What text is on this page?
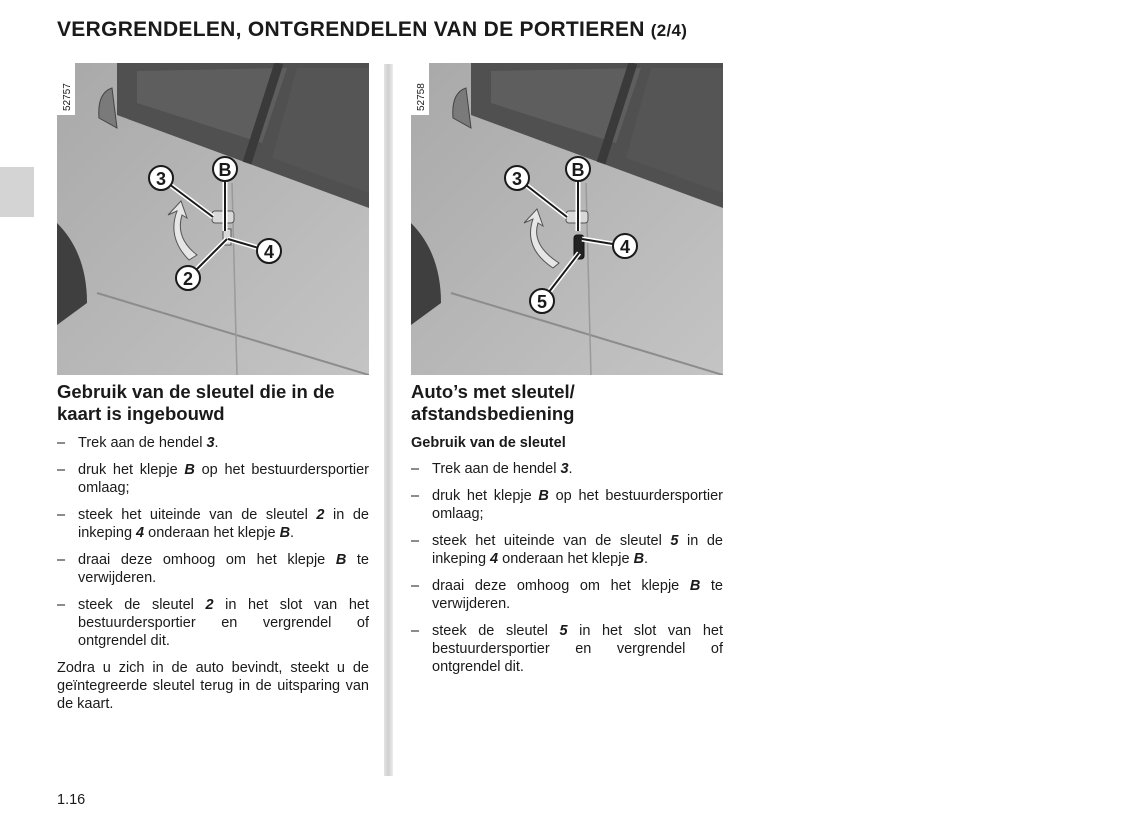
VERGRENDELEN, ONTGRENDELEN VAN DE PORTIEREN (2/4)
3	B
4
2
52757
3	B
4
5
52758
Gebruik van de sleutel die in de kaart is ingebouwd
– Trek aan de hendel 3.
– druk het klepje B op het bestuurdersportier omlaag;
– steek het uiteinde van de sleutel 2 in de inkeping 4 onderaan het klepje B.
– draai deze omhoog om het klepje B te verwijderen.
– steek de sleutel 2 in het slot van het bestuurdersportier en vergrendel of ontgrendel dit.

Zodra u zich in de auto bevindt, steekt u de geïntegreerde sleutel terug in de uitsparing van de kaart.

Auto’s met sleutel/ afstandsbediening
Gebruik van de sleutel
– Trek aan de hendel 3.
– druk het klepje B op het bestuurdersportier omlaag;
– steek het uiteinde van de sleutel 5 in de inkeping 4 onderaan het klepje B.
– draai deze omhoog om het klepje B te verwijderen.
– steek de sleutel 5 in het slot van het bestuurdersportier en vergrendel of ontgrendel dit.
1.16
